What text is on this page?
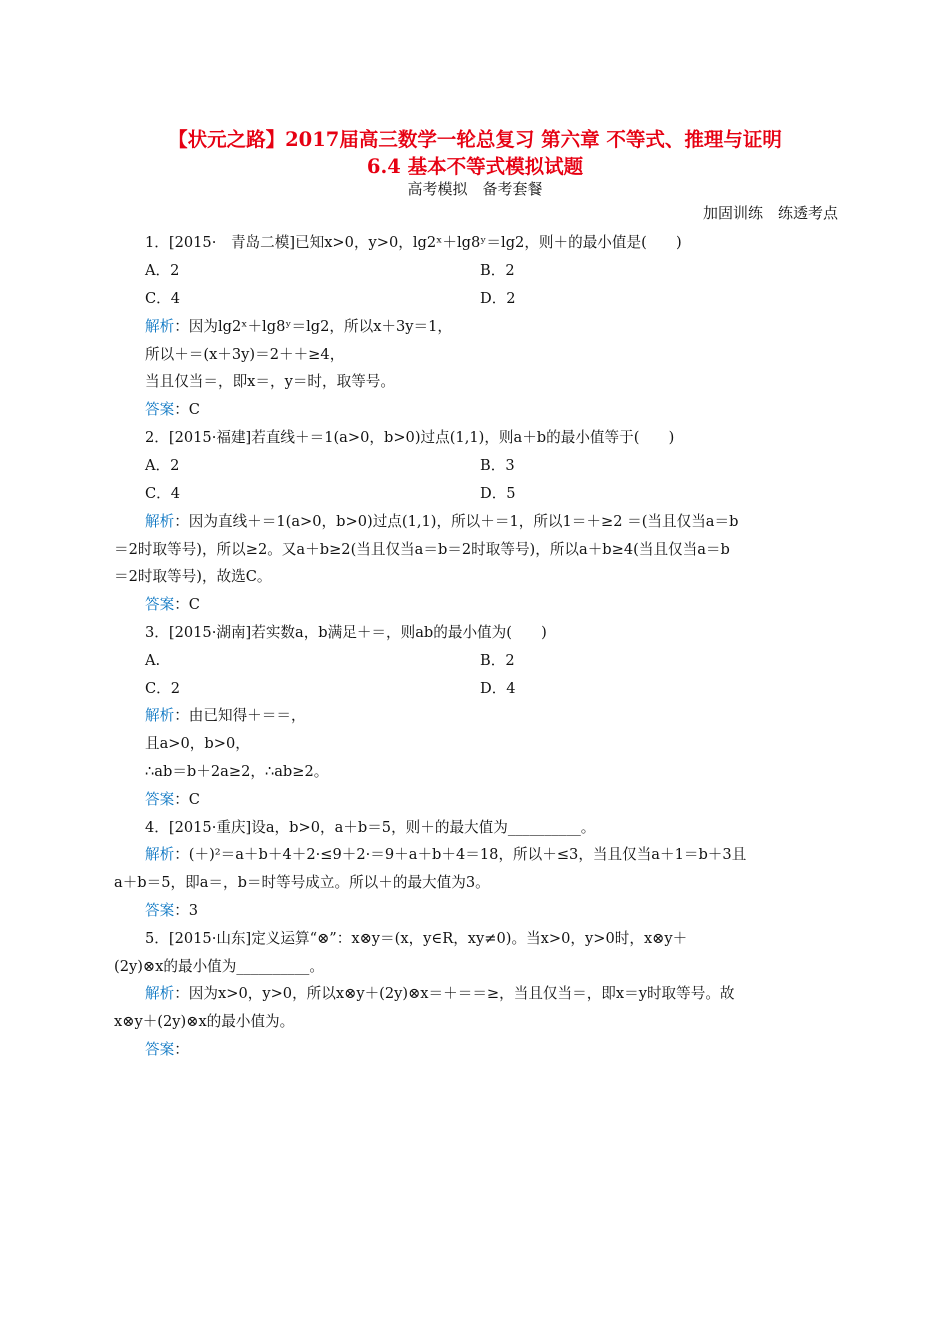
【状元之路】2017届高三数学一轮总复习 第六章 不等式、推理与证明
6.4 基本不等式模拟试题
高考模拟　备考套餐
加固训练　练透考点
1．[2015·　青岛二模]已知x>0，y>0，lg2ˣ＋lg8ʸ＝lg2，则＋的最小值是(　　)
A．2	B．2
C．4	D．2
解析：因为lg2ˣ＋lg8ʸ＝lg2，所以x＋3y＝1，
所以＋＝(x＋3y)＝2＋＋≥4，
当且仅当＝，即x＝，y＝时，取等号。
答案：C
2．[2015·福建]若直线＋＝1(a>0，b>0)过点(1,1)，则a＋b的最小值等于(　　)
A．2	B．3
C．4	D．5
解析：因为直线＋＝1(a>0，b>0)过点(1,1)，所以＋＝1，所以1＝＋≥2 ＝(当且仅当a＝b
＝2时取等号)，所以≥2。又a＋b≥2(当且仅当a＝b＝2时取等号)，所以a＋b≥4(当且仅当a＝b
＝2时取等号)，故选C。
答案：C
3．[2015·湖南]若实数a，b满足＋＝，则ab的最小值为(　　)
A.	B．2
C．2	D．4
解析：由已知得＋＝＝，
且a>0，b>0，
∴ab＝b＋2a≥2，∴ab≥2。
答案：C
4．[2015·重庆]设a，b>0，a＋b＝5，则＋的最大值为__________。
解析：(＋)²＝a＋b＋4＋2·≤9＋2·＝9＋a＋b＋4＝18，所以＋≤3，当且仅当a＋1＝b＋3且
a＋b＝5，即a＝，b＝时等号成立。所以＋的最大值为3。
答案：3
5．[2015·山东]定义运算“⊗”：x⊗y＝(x，y∈R，xy≠0)。当x>0，y>0时，x⊗y＋
(2y)⊗x的最小值为__________。
解析：因为x>0，y>0，所以x⊗y＋(2y)⊗x＝＋＝＝≥，当且仅当＝，即x＝y时取等号。故
x⊗y＋(2y)⊗x的最小值为。
答案：
